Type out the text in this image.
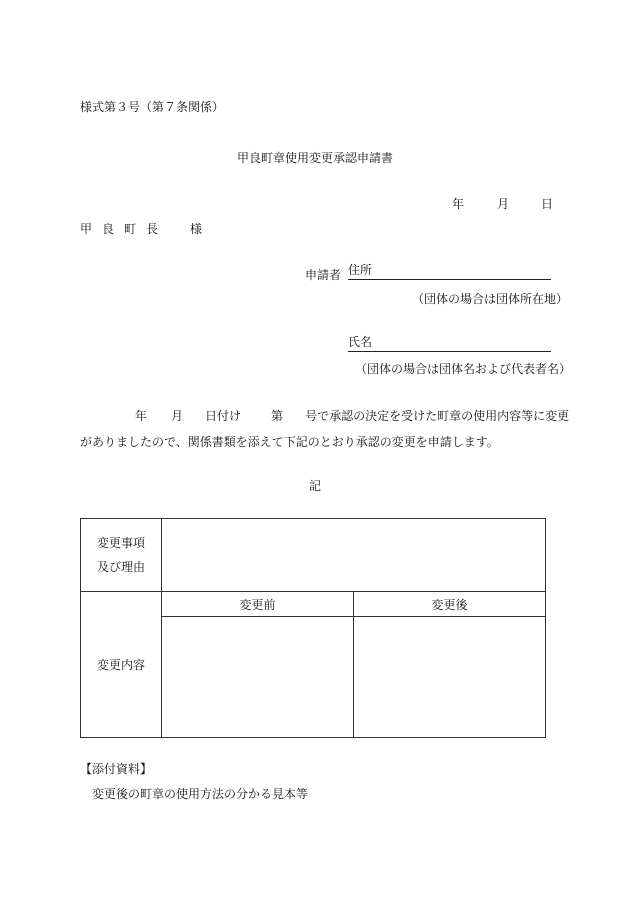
様式第３号（第７条関係）
甲良町章使用変更承認申請書
年	月	日
甲良町長　様
申請者 住所
（団体の場合は団体所在地）
氏名
（団体の場合は団体名および代表者名）
年 月 日付け	第 号で承認の決定を受けた町章の使用内容等に変更
がありましたので、関係書類を添えて下記のとおり承認の変更を申請します。
記
変更事項
及び理由		

変更内容	変更前	変更後

【添付資料】
変更後の町章の使用方法の分かる見本等
